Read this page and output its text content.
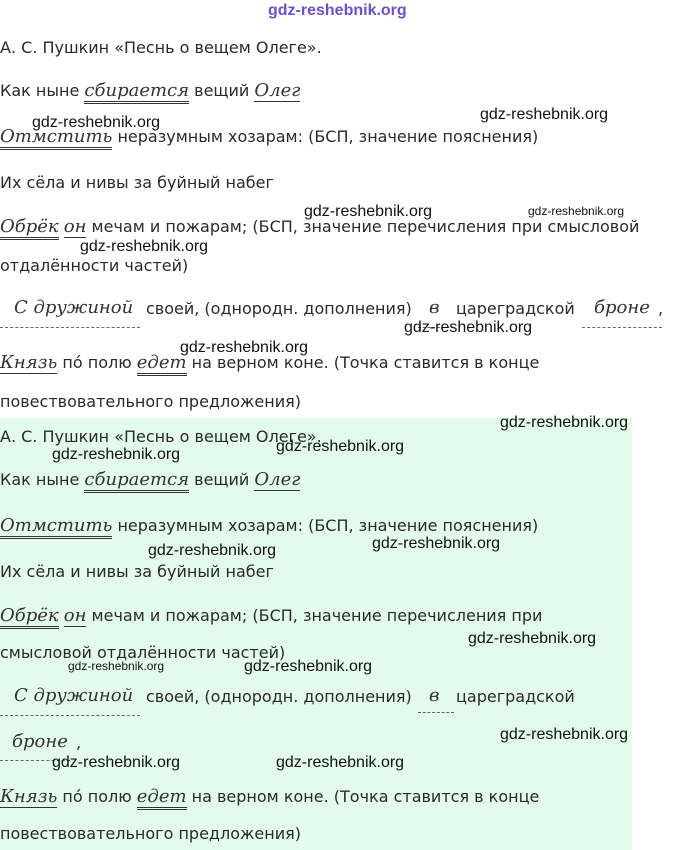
gdz-reshebnik.org
А. С. Пушкин «Песнь о вещем Олеге».
Как ныне сбирается вещий Олег
Отмстить неразумным хозарам: (БСП, значение пояснения)
Их сёла и нивы за буйный набег
Обрёк он мечам и пожарам; (БСП, значение перечисления при смысловой
отдалённости частей)
С дружиной своей, (однородн. дополнения) в цареградской броне ,
Князь по́ полю едет на верном коне. (Точка ставится в конце
повествовательного предложения)
А. С. Пушкин «Песнь о вещем Олеге».
Как ныне сбирается вещий Олег
Отмстить неразумным хозарам: (БСП, значение пояснения)
Их сёла и нивы за буйный набег
Обрёк он мечам и пожарам; (БСП, значение перечисления при
смысловой отдалённости частей)
С дружиной своей, (однородн. дополнения) в цареградской
броне ,
Князь по́ полю едет на верном коне. (Точка ставится в конце
повествовательного предложения)
gdz-reshebnik.org	gdz-reshebnik.org
gdz-reshebnik.org	gdz-reshebnik.org
gdz-reshebnik.org
gdz-reshebnik.org
gdz-reshebnik.org
gdz-reshebnik.org
gdz-reshebnik.org
gdz-reshebnik.org
gdz-reshebnik.org
gdz-reshebnik.org
gdz-reshebnik.org
gdz-reshebnik.org	gdz-reshebnik.org
gdz-reshebnik.org
gdz-reshebnik.org	gdz-reshebnik.org
